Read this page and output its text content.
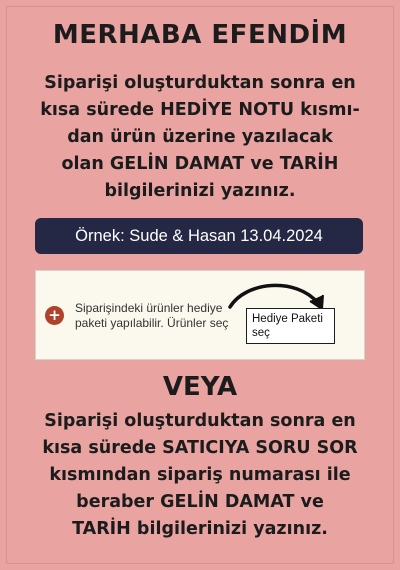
MERHABA EFENDİM
Siparişi oluşturduktan sonra en
kısa sürede HEDİYE NOTU kısmı-
dan ürün üzerine yazılacak
olan GELİN DAMAT ve TARİH
bilgilerinizi yazınız.
Örnek: Sude & Hasan 13.04.2024
+ Siparişindeki ürünler hediye paketi yapılabilir. Ürünler seç	Hediye Paketi seç
VEYA
Siparişi oluşturduktan sonra en
kısa sürede SATICIYA SORU SOR
kısmından sipariş numarası ile
beraber GELİN DAMAT ve
TARİH bilgilerinizi yazınız.
